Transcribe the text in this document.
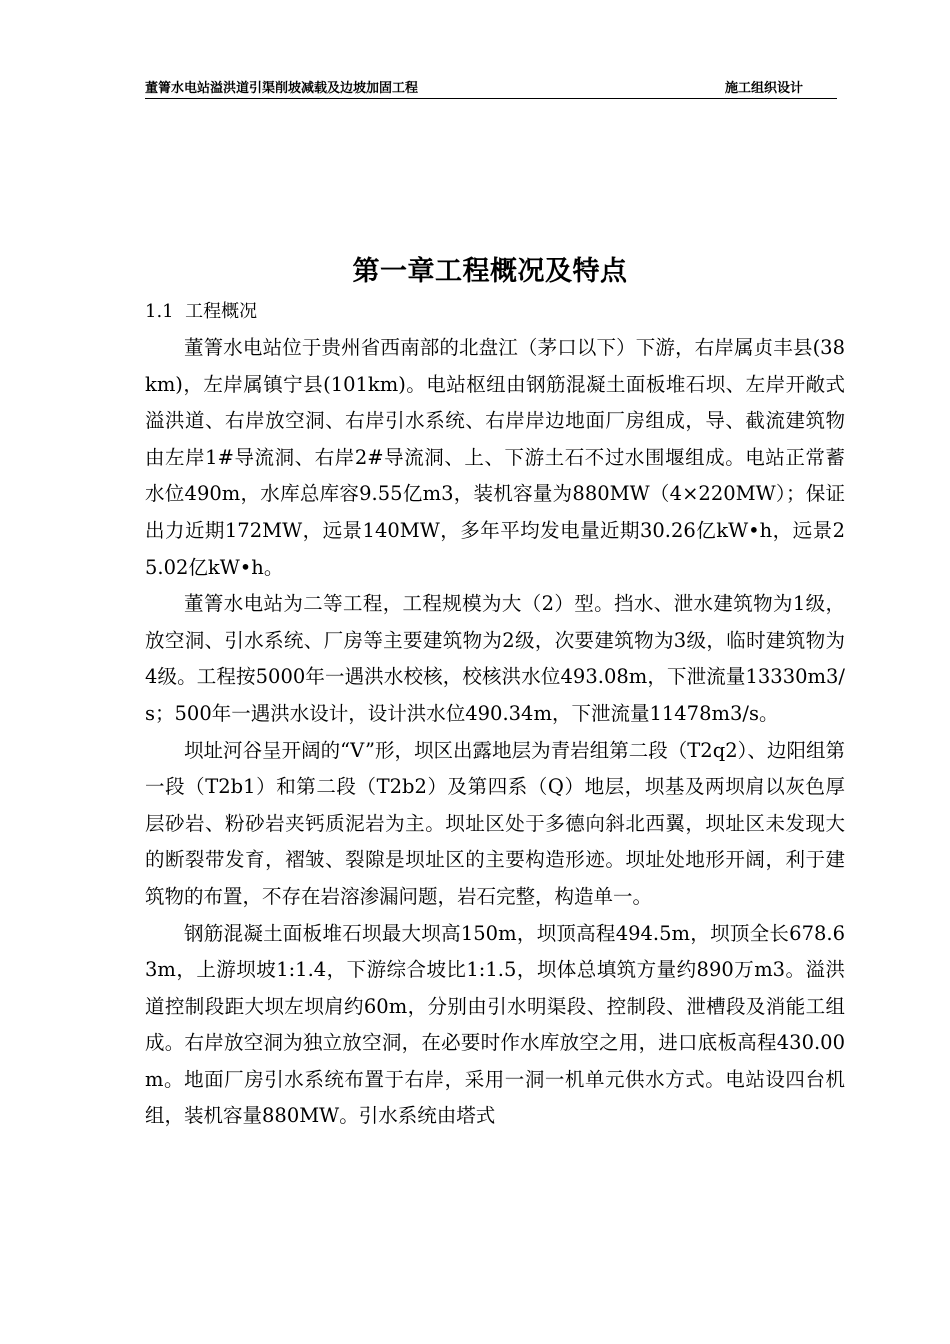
董箐水电站溢洪道引渠削坡减载及边坡加固工程	施工组织设计
第一章工程概况及特点
1.1 工程概况

董箐水电站位于贵州省西南部的北盘江（茅口以下）下游，右岸属贞丰县(38km)，左岸属镇宁县(101km)。电站枢纽由钢筋混凝土面板堆石坝、左岸开敞式溢洪道、右岸放空洞、右岸引水系统、右岸岸边地面厂房组成，导、截流建筑物由左岸1#导流洞、右岸2#导流洞、上、下游土石不过水围堰组成。电站正常蓄水位490m，水库总库容9.55亿m3，装机容量为880MW（4×220MW）；保证出力近期172MW，远景140MW，多年平均发电量近期30.26亿kW•h，远景25.02亿kW•h。

董箐水电站为二等工程，工程规模为大（2）型。挡水、泄水建筑物为1级，放空洞、引水系统、厂房等主要建筑物为2级，次要建筑物为3级，临时建筑物为4级。工程按5000年一遇洪水校核，校核洪水位493.08m，下泄流量13330m3/s；500年一遇洪水设计，设计洪水位490.34m，下泄流量11478m3/s。

坝址河谷呈开阔的“V”形，坝区出露地层为青岩组第二段（T2q2）、边阳组第一段（T2b1）和第二段（T2b2）及第四系（Q）地层，坝基及两坝肩以灰色厚层砂岩、粉砂岩夹钙质泥岩为主。坝址区处于多德向斜北西翼，坝址区未发现大的断裂带发育，褶皱、裂隙是坝址区的主要构造形迹。坝址处地形开阔，利于建筑物的布置，不存在岩溶渗漏问题，岩石完整，构造单一。

钢筋混凝土面板堆石坝最大坝高150m，坝顶高程494.5m，坝顶全长678.63m，上游坝坡1:1.4，下游综合坡比1:1.5，坝体总填筑方量约890万m3。溢洪道控制段距大坝左坝肩约60m，分别由引水明渠段、控制段、泄槽段及消能工组成。右岸放空洞为独立放空洞，在必要时作水库放空之用，进口底板高程430.00m。地面厂房引水系统布置于右岸，采用一洞一机单元供水方式。电站设四台机组，装机容量880MW。引水系统由塔式
